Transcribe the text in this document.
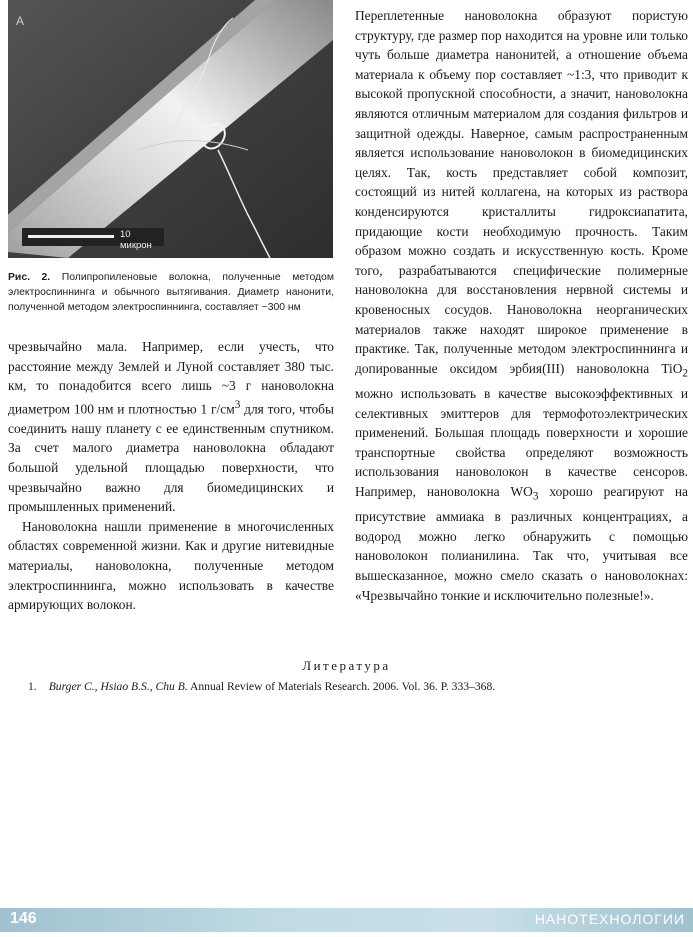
A
10 микрон
Рис. 2. Полипропиленовые волокна, полученные методом электроспиннинга и обычного вытягивания. Диаметр нанонити, полученной методом электроспиннинга, составляет ~300 нм

чрезвычайно мала. Например, если учесть, что расстояние между Землей и Луной составляет 380 тыс. км, то понадобится всего лишь ~3 г нановолокна диаметром 100 нм и плотностью 1 $г/см^3$ для того, чтобы соединить нашу планету с ее единственным спутником. За счет малого диаметра нановолокна обладают большой удельной площадью поверхности, что чрезвычайно важно для биомедицинских и промышленных применений.

Нановолокна нашли применение в многочисленных областях современной жизни. Как и другие нитевидные материалы, нановолокна, полученные методом электроспиннинга, можно использовать в качестве армирующих волокон.

Переплетенные нановолокна образуют пористую структуру, где размер пор находится на уровне или только чуть больше диаметра нанонитей, а отношение объема материала к объему пор составляет ~1:3, что приводит к высокой пропускной способности, а значит, нановолокна являются отличным материалом для создания фильтров и защитной одежды. Наверное, самым распространенным является использование нановолокон в биомедицинских целях. Так, кость представляет собой композит, состоящий из нитей коллагена, на которых из раствора конденсируются кристаллиты гидроксиапатита, придающие кости необходимую прочность. Таким образом можно создать и искусственную кость. Кроме того, разрабатываются специфические полимерные нановолокна для восстановления нервной системы и кровеносных сосудов. Нановолокна неорганических материалов также находят широкое применение в практике. Так, полученные методом электроспиннинга и допированные оксидом эрбия(III) нановолокна TiO$_2$ можно использовать в качестве высокоэффективных и селективных эмиттеров для термофотоэлектрических применений. Большая площадь поверхности и хорошие транспортные свойства определяют возможность использования нановолокон в качестве сенсоров. Например, нановолокна $WO_3$ хорошо реагируют на присутствие аммиака в различных концентрациях, а водород можно легко обнаружить с помощью нановолокон полианилина. Так что, учитывая все вышесказанное, можно смело сказать о нановолокнах: «Чрезвычайно тонкие и исключительно полезные!».

Литература
1. Burger C., Hsiao B.S., Chu B. Annual Review of Materials Research. 2006. Vol. 36. P. 333–368.
146	НАНОТЕХНОЛОГИИ
